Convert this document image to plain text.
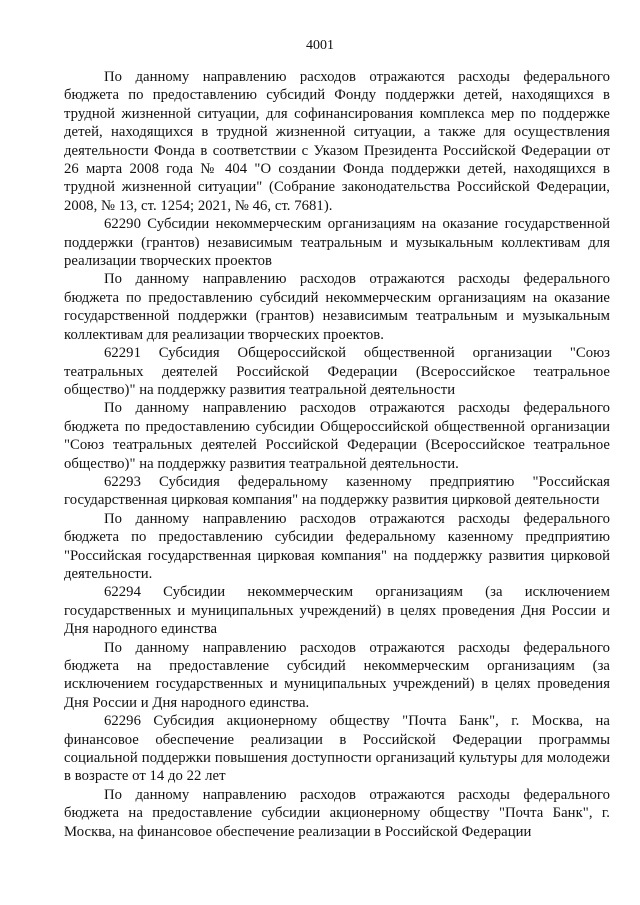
4001

По данному направлению расходов отражаются расходы федерального бюджета по предоставлению субсидий Фонду поддержки детей, находящихся в трудной жизненной ситуации, для софинансирования комплекса мер по поддержке детей, находящихся в трудной жизненной ситуации, а также для осуществления деятельности Фонда в соответствии с Указом Президента Российской Федерации от 26 марта 2008 года № 404 "О создании Фонда поддержки детей, находящихся в трудной жизненной ситуации" (Собрание законодательства Российской Федерации, 2008, № 13, ст. 1254; 2021, № 46, ст. 7681).

62290 Субсидии некоммерческим организациям на оказание государственной поддержки (грантов) независимым театральным и музыкальным коллективам для реализации творческих проектов

По данному направлению расходов отражаются расходы федерального бюджета по предоставлению субсидий некоммерческим организациям на оказание государственной поддержки (грантов) независимым театральным и музыкальным коллективам для реализации творческих проектов.

62291 Субсидия Общероссийской общественной организации "Союз театральных деятелей Российской Федерации (Всероссийское театральное общество)" на поддержку развития театральной деятельности

По данному направлению расходов отражаются расходы федерального бюджета по предоставлению субсидии Общероссийской общественной организации "Союз театральных деятелей Российской Федерации (Всероссийское театральное общество)" на поддержку развития театральной деятельности.

62293 Субсидия федеральному казенному предприятию "Российская государственная цирковая компания" на поддержку развития цирковой деятельности

По данному направлению расходов отражаются расходы федерального бюджета по предоставлению субсидии федеральному казенному предприятию "Российская государственная цирковая компания" на поддержку развития цирковой деятельности.

62294 Субсидии некоммерческим организациям (за исключением государственных и муниципальных учреждений) в целях проведения Дня России и Дня народного единства

По данному направлению расходов отражаются расходы федерального бюджета на предоставление субсидий некоммерческим организациям (за исключением государственных и муниципальных учреждений) в целях проведения Дня России и Дня народного единства.

62296 Субсидия акционерному обществу "Почта Банк", г. Москва, на финансовое обеспечение реализации в Российской Федерации программы социальной поддержки повышения доступности организаций культуры для молодежи в возрасте от 14 до 22 лет

По данному направлению расходов отражаются расходы федерального бюджета на предоставление субсидии акционерному обществу "Почта Банк", г. Москва, на финансовое обеспечение реализации в Российской Федерации
